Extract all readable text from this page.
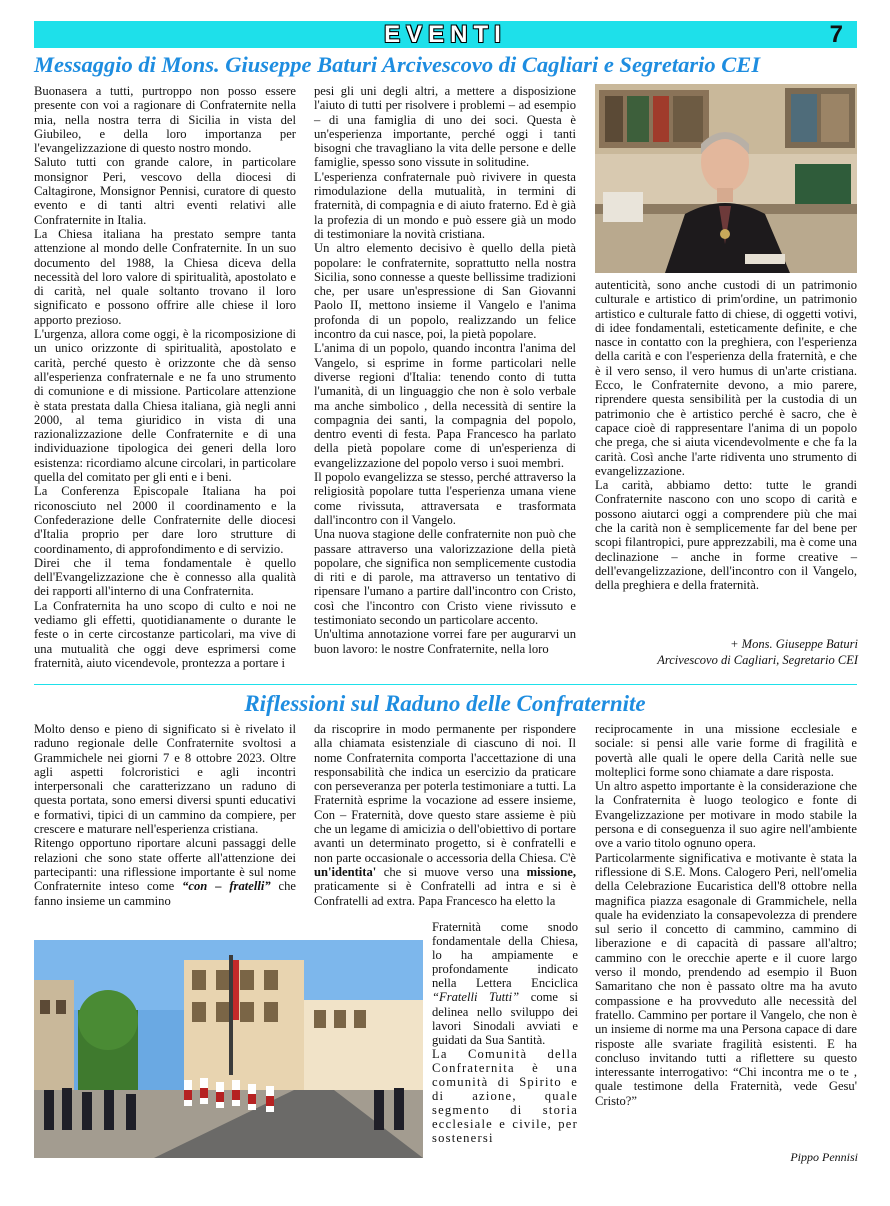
EVENTI	7
Messaggio di Mons. Giuseppe Baturi Arcivescovo di Cagliari e Segretario CEI

Buonasera a tutti, purtroppo non posso essere presente con voi a ragionare di Confraternite nella mia, nella nostra terra di Sicilia in vista del Giubileo, e della loro importanza per l'evangelizzazione di questo nostro mondo.

Saluto tutti con grande calore, in particolare monsignor Peri, vescovo della diocesi di Caltagirone, Monsignor Pennisi, curatore di questo evento e di tanti altri eventi relativi alle Confraternite in Italia.

La Chiesa italiana ha prestato sempre tanta attenzione al mondo delle Confraternite. In un suo documento del 1988, la Chiesa diceva della necessità del loro valore di spiritualità, apostolato e di carità, nel quale soltanto trovano il loro significato e possono offrire alle chiese il loro apporto prezioso.

L'urgenza, allora come oggi, è la ricomposizione di un unico orizzonte di spiritualità, apostolato e carità, perché questo è orizzonte che dà senso all'esperienza confraternale e ne fa uno strumento di comunione e di missione. Particolare attenzione è stata prestata dalla Chiesa italiana, già negli anni 2000, al tema giuridico in vista di una razionalizzazione delle Confraternite e di una individuazione tipologica dei generi della loro esistenza: ricordiamo alcune circolari, in particolare quella del comitato per gli enti e i beni.

La Conferenza Episcopale Italiana ha poi riconosciuto nel 2000 il coordinamento e la Confederazione delle Confraternite delle diocesi d'Italia proprio per dare loro strutture di coordinamento, di approfondimento e di servizio.

Direi che il tema fondamentale è quello dell'Evangelizzazione che è connesso alla qualità dei rapporti all'interno di una Confraternita.

La Confraternita ha uno scopo di culto e noi ne vediamo gli effetti, quotidianamente o durante le feste o in certe circostanze particolari, ma vive di una mutualità che oggi deve esprimersi come fraternità, aiuto vicendevole, prontezza a portare i

pesi gli uni degli altri, a mettere a disposizione l'aiuto di tutti per risolvere i problemi – ad esempio – di una famiglia di uno dei soci. Questa è un'esperienza importante, perché oggi i tanti bisogni che travagliano la vita delle persone e delle famiglie, spesso sono vissute in solitudine.

L'esperienza confraternale può rivivere in questa rimodulazione della mutualità, in termini di fraternità, di compagnia e di aiuto fraterno. Ed è già la profezia di un mondo e può essere già un modo di testimoniare la novità cristiana.

Un altro elemento decisivo è quello della pietà popolare: le confraternite, soprattutto nella nostra Sicilia, sono connesse a queste bellissime tradizioni che, per usare un'espressione di San Giovanni Paolo II, mettono insieme il Vangelo e l'anima profonda di un popolo, realizzando un felice incontro da cui nasce, poi, la pietà popolare.

L'anima di un popolo, quando incontra l'anima del Vangelo, si esprime in forme particolari nelle diverse regioni d'Italia: tenendo conto di tutta l'umanità, di un linguaggio che non è solo verbale ma anche simbolico , della necessità di sentire la compagnia dei santi, la compagnia del popolo, dentro eventi di festa. Papa Francesco ha parlato della pietà popolare come di un'esperienza di evangelizzazione del popolo verso i suoi membri.

Il popolo evangelizza se stesso, perché attraverso la religiosità popolare tutta l'esperienza umana viene come rivissuta, attraversata e trasformata dall'incontro con il Vangelo.

Una nuova stagione delle confraternite non può che passare attraverso una valorizzazione della pietà popolare, che significa non semplicemente custodia di riti e di parole, ma attraverso un tentativo di ripensare l'umano a partire dall'incontro con Cristo, così che l'incontro con Cristo viene rivissuto e testimoniato secondo un particolare accento.

Un'ultima annotazione vorrei fare per augurarvi un buon lavoro: le nostre Confraternite, nella loro

autenticità, sono anche custodi di un patrimonio culturale e artistico di prim'ordine, un patrimonio artistico e culturale fatto di chiese, di oggetti votivi, di idee fondamentali, esteticamente definite, e che nasce in contatto con la preghiera, con l'esperienza della carità e con l'esperienza della fraternità, e che è il vero senso, il vero humus di un'arte cristiana. Ecco, le Confraternite devono, a mio parere, riprendere questa sensibilità per la custodia di un patrimonio che è artistico perché è sacro, che è capace cioè di rappresentare l'anima di un popolo che prega, che si aiuta vicendevolmente e che fa la carità. Così anche l'arte ridiventa uno strumento di evangelizzazione.

La carità, abbiamo detto: tutte le grandi Confraternite nascono con uno scopo di carità e possono aiutarci oggi a comprendere più che mai che la carità non è semplicemente far del bene per scopi filantropici, pure apprezzabili, ma è come una declinazione – anche in forme creative – dell'evangelizzazione, dell'incontro con il Vangelo, della preghiera e della fraternità.

+ Mons. Giuseppe Baturi
Arcivescovo di Cagliari, Segretario CEI
Riflessioni sul Raduno delle Confraternite

Molto denso e pieno di significato si è rivelato il raduno regionale delle Confraternite svoltosi a Grammichele nei giorni 7 e 8 ottobre 2023. Oltre agli aspetti folcroristici e agli incontri interpersonali che caratterizzano un raduno di questa portata, sono emersi diversi spunti educativi e formativi, tipici di un cammino da compiere, per crescere e maturare nell'esperienza cristiana.

Ritengo opportuno riportare alcuni passaggi delle relazioni che sono state offerte all'attenzione dei partecipanti: una riflessione importante è sul nome Confraternite inteso come “con – fratelli” che fanno insieme un cammino

da riscoprire in modo permanente per rispondere alla chiamata esistenziale di ciascuno di noi. Il nome Confraternita comporta l'accettazione di una responsabilità che indica un esercizio da praticare con perseveranza per poterla testimoniare a tutti. La Fraternità esprime la vocazione ad essere insieme, Con – Fraternità, dove questo stare assieme è più che un legame di amicizia o dell'obiettivo di portare avanti un determinato progetto, si è confratelli e non parte occasionale o accessoria della Chiesa. C'è un'identita' che si muove verso una missione, praticamente si è Confratelli ad intra e si è Confratelli ad extra. Papa Francesco ha eletto la

Fraternità come snodo fondamentale della Chiesa, lo ha ampiamente e profondamente indicato nella Lettera Enciclica “Fratelli Tutti” come si delinea nello sviluppo dei lavori Sinodali avviati e guidati da Sua Santità.

La Comunità della Confraternita è una comunità di Spirito e di azione, quale segmento di storia ecclesiale e civile, per sostenersi

reciprocamente in una missione ecclesiale e sociale: si pensi alle varie forme di fragilità e povertà alle quali le opere della Carità nelle sue molteplici forme sono chiamate a dare risposta.

Un altro aspetto importante è la considerazione che la Confraternita è luogo teologico e fonte di Evangelizzazione per motivare in modo stabile la persona e di conseguenza il suo agire nell'ambiente ove a vario titolo ognuno opera.

Particolarmente significativa e motivante è stata la riflessione di S.E. Mons. Calogero Peri, nell'omelia della Celebrazione Eucaristica dell'8 ottobre nella magnifica piazza esagonale di Grammichele, nella quale ha evidenziato la consapevolezza di prendere sul serio il concetto di cammino, cammino di liberazione e di capacità di passare all'altro; cammino con le orecchie aperte e il cuore largo verso il mondo, prendendo ad esempio il Buon Samaritano che non è passato oltre ma ha avuto compassione e ha provveduto alle necessità del fratello. Cammino per portare il Vangelo, che non è un insieme di norme ma una Persona capace di dare risposte alle svariate fragilità esistenti. E ha concluso invitando tutti a riflettere su questo interessante interrogativo: “Chi incontra me o te , quale testimone della Fraternità, vede Gesu' Cristo?”

Pippo Pennisi
